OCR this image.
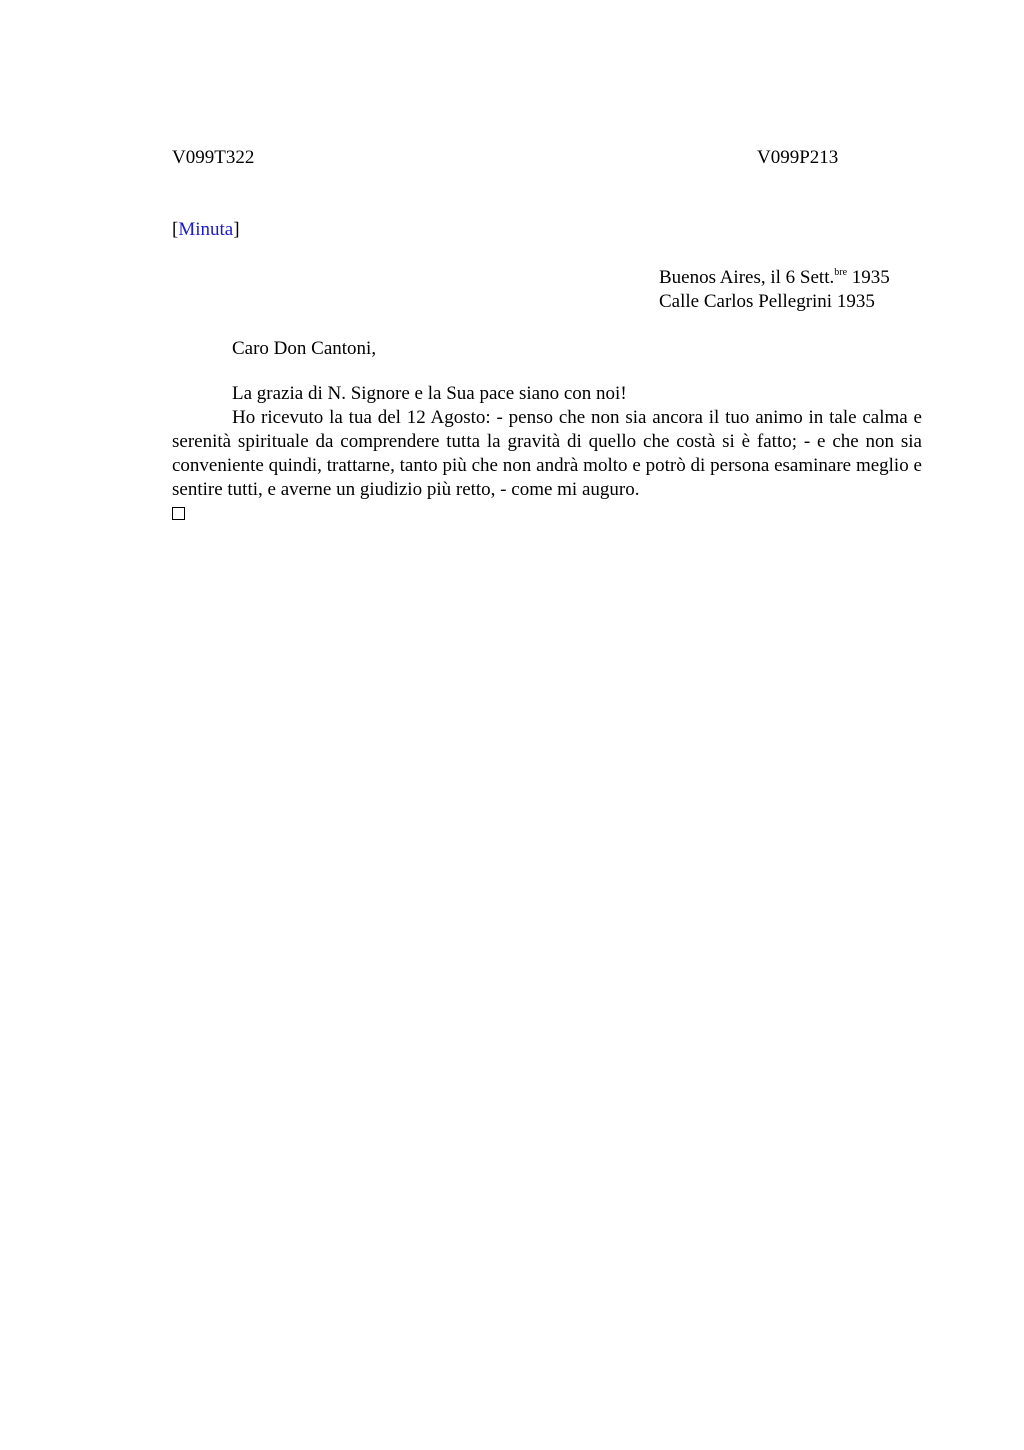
V099T322	V099P213
[Minuta]
Buenos Aires, il 6 Sett.$^{bre}$ 1935
Calle Carlos Pellegrini 1935
Caro Don Cantoni,

La grazia di N. Signore e la Sua pace siano con noi!

Ho ricevuto la tua del 12 Agosto: - penso che non sia ancora il tuo animo in tale calma e serenità spirituale da comprendere tutta la gravità di quello che costà si è fatto; - e che non sia conveniente quindi, trattarne, tanto più che non andrà molto e potrò di persona esaminare meglio e sentire tutti, e averne un giudizio più retto, - come mi auguro.
